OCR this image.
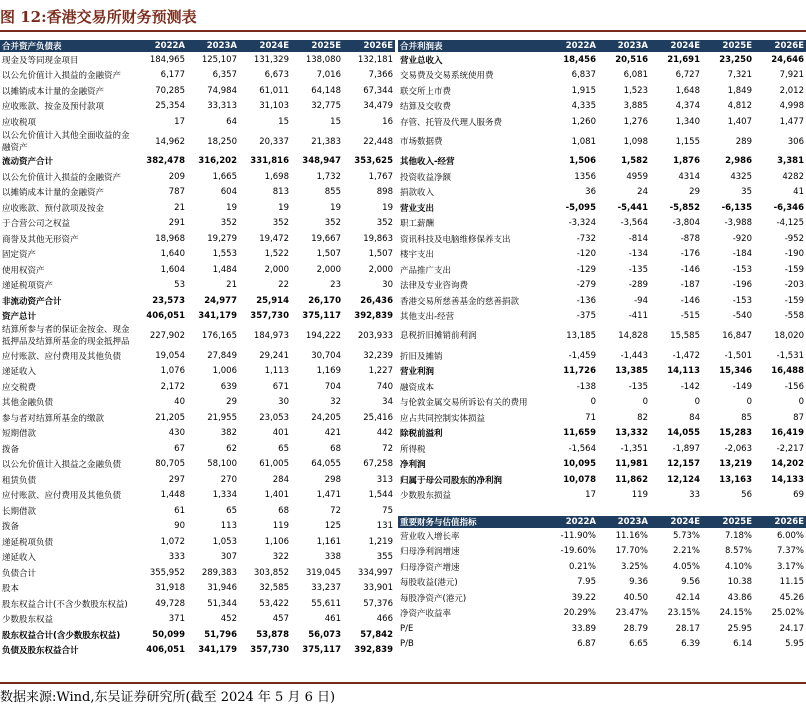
图 12:香港交易所财务预测表
合并资产负债表	2022A	2023A	2024E	2025E	2026E
现金及等同现金项目	184,965	125,107	131,329	138,080	132,181
以公允价值计入损益的金融资产	6,177	6,357	6,673	7,016	7,366
以摊销成本计量的金融资产	70,285	74,984	61,011	64,148	67,344
应收账款、按金及预付款项	25,354	33,313	31,103	32,775	34,479
应收税项	17	64	15	15	16
以公允价值计入其他全面收益的金融资产	14,962	18,250	20,337	21,383	22,448
流动资产合计	382,478	316,202	331,816	348,947	353,625
以公允价值计入损益的金融资产	209	1,665	1,698	1,732	1,767
以摊销成本计量的金融资产	787	604	813	855	898
应收账款、预付款项及按金	21	19	19	19	19
于合营公司之权益	291	352	352	352	352
商誉及其他无形资产	18,968	19,279	19,472	19,667	19,863
固定资产	1,640	1,553	1,522	1,507	1,507
使用权资产	1,604	1,484	2,000	2,000	2,000
递延税项资产	53	21	22	23	30
非流动资产合计	23,573	24,977	25,914	26,170	26,436
资产总计	406,051	341,179	357,730	375,117	392,839
结算所参与者的保证金按金、现金抵押品及结算所基金的现金抵押品	227,902	176,165	184,973	194,222	203,933
应付账款、应付费用及其他负债	19,054	27,849	29,241	30,704	32,239
递延收入	1,076	1,006	1,113	1,169	1,227
应交税费	2,172	639	671	704	740
其他金融负债	40	29	30	32	34
参与者对结算所基金的缴款	21,205	21,955	23,053	24,205	25,416
短期借款	430	382	401	421	442
拨备	67	62	65	68	72
以公允价值计入损益之金融负债	80,705	58,100	61,005	64,055	67,258
租赁负债	297	270	284	298	313
应付账款、应付费用及其他负债	1,448	1,334	1,401	1,471	1,544
长期借款	61	65	68	72	75
拨备	90	113	119	125	131
递延税项负债	1,072	1,053	1,106	1,161	1,219
递延收入	333	307	322	338	355
负债合计	355,952	289,383	303,852	319,045	334,997
股本	31,918	31,946	32,585	33,237	33,901
股东权益合计(不含少数股东权益)	49,728	51,344	53,422	55,611	57,376
少数股东权益	371	452	457	461	466
股东权益合计(含少数股东权益)	50,099	51,796	53,878	56,073	57,842
负债及股东权益合计	406,051	341,179	357,730	375,117	392,839
合并利润表	2022A	2023A	2024E	2025E	2026E
营业总收入	18,456	20,516	21,691	23,250	24,646
交易费及交易系统使用费	6,837	6,081	6,727	7,321	7,921
联交所上市费	1,915	1,523	1,648	1,849	2,012
结算及交收费	4,335	3,885	4,374	4,812	4,998
存管、托管及代理人服务费	1,260	1,276	1,340	1,407	1,477
市场数据费	1,081	1,098	1,155	289	306
其他收入-经营	1,506	1,582	1,876	2,986	3,381
投资收益净额	1356	4959	4314	4325	4282
捐款收入	36	24	29	35	41
营业支出	-5,095	-5,441	-5,852	-6,135	-6,346
职工薪酬	-3,324	-3,564	-3,804	-3,988	-4,125
资讯科技及电脑维修保养支出	-732	-814	-878	-920	-952
楼宇支出	-120	-134	-176	-184	-190
产品推广支出	-129	-135	-146	-153	-159
法律及专业咨询费	-279	-289	-187	-196	-203
香港交易所慈善基金的慈善捐款	-136	-94	-146	-153	-159
其他支出-经营	-375	-411	-515	-540	-558
息税折旧摊销前利润	13,185	14,828	15,585	16,847	18,020
折旧及摊销	-1,459	-1,443	-1,472	-1,501	-1,531
营业利润	11,726	13,385	14,113	15,346	16,488
融资成本	-138	-135	-142	-149	-156
与伦敦金属交易所诉讼有关的费用	0	0	0	0	0
应占共同控制实体损益	71	82	84	85	87
除税前溢利	11,659	13,332	14,055	15,283	16,419
所得税	-1,564	-1,351	-1,897	-2,063	-2,217
净利润	10,095	11,981	12,157	13,219	14,202
归属于母公司股东的净利润	10,078	11,862	12,124	13,163	14,133
少数股东损益	17	119	33	56	69
重要财务与估值指标	2022A	2023A	2024E	2025E	2026E
营业收入增长率	-11.90%	11.16%	5.73%	7.18%	6.00%
归母净利润增速	-19.60%	17.70%	2.21%	8.57%	7.37%
归母净资产增速	0.21%	3.25%	4.05%	4.10%	3.17%
每股收益(港元)	7.95	9.36	9.56	10.38	11.15
每股净资产(港元)	39.22	40.50	42.14	43.86	45.26
净资产收益率	20.29%	23.47%	23.15%	24.15%	25.02%
P/E	33.89	28.79	28.17	25.95	24.17
P/B	6.87	6.65	6.39	6.14	5.95
数据来源:Wind,东吴证券研究所(截至 2024 年 5 月 6 日)
